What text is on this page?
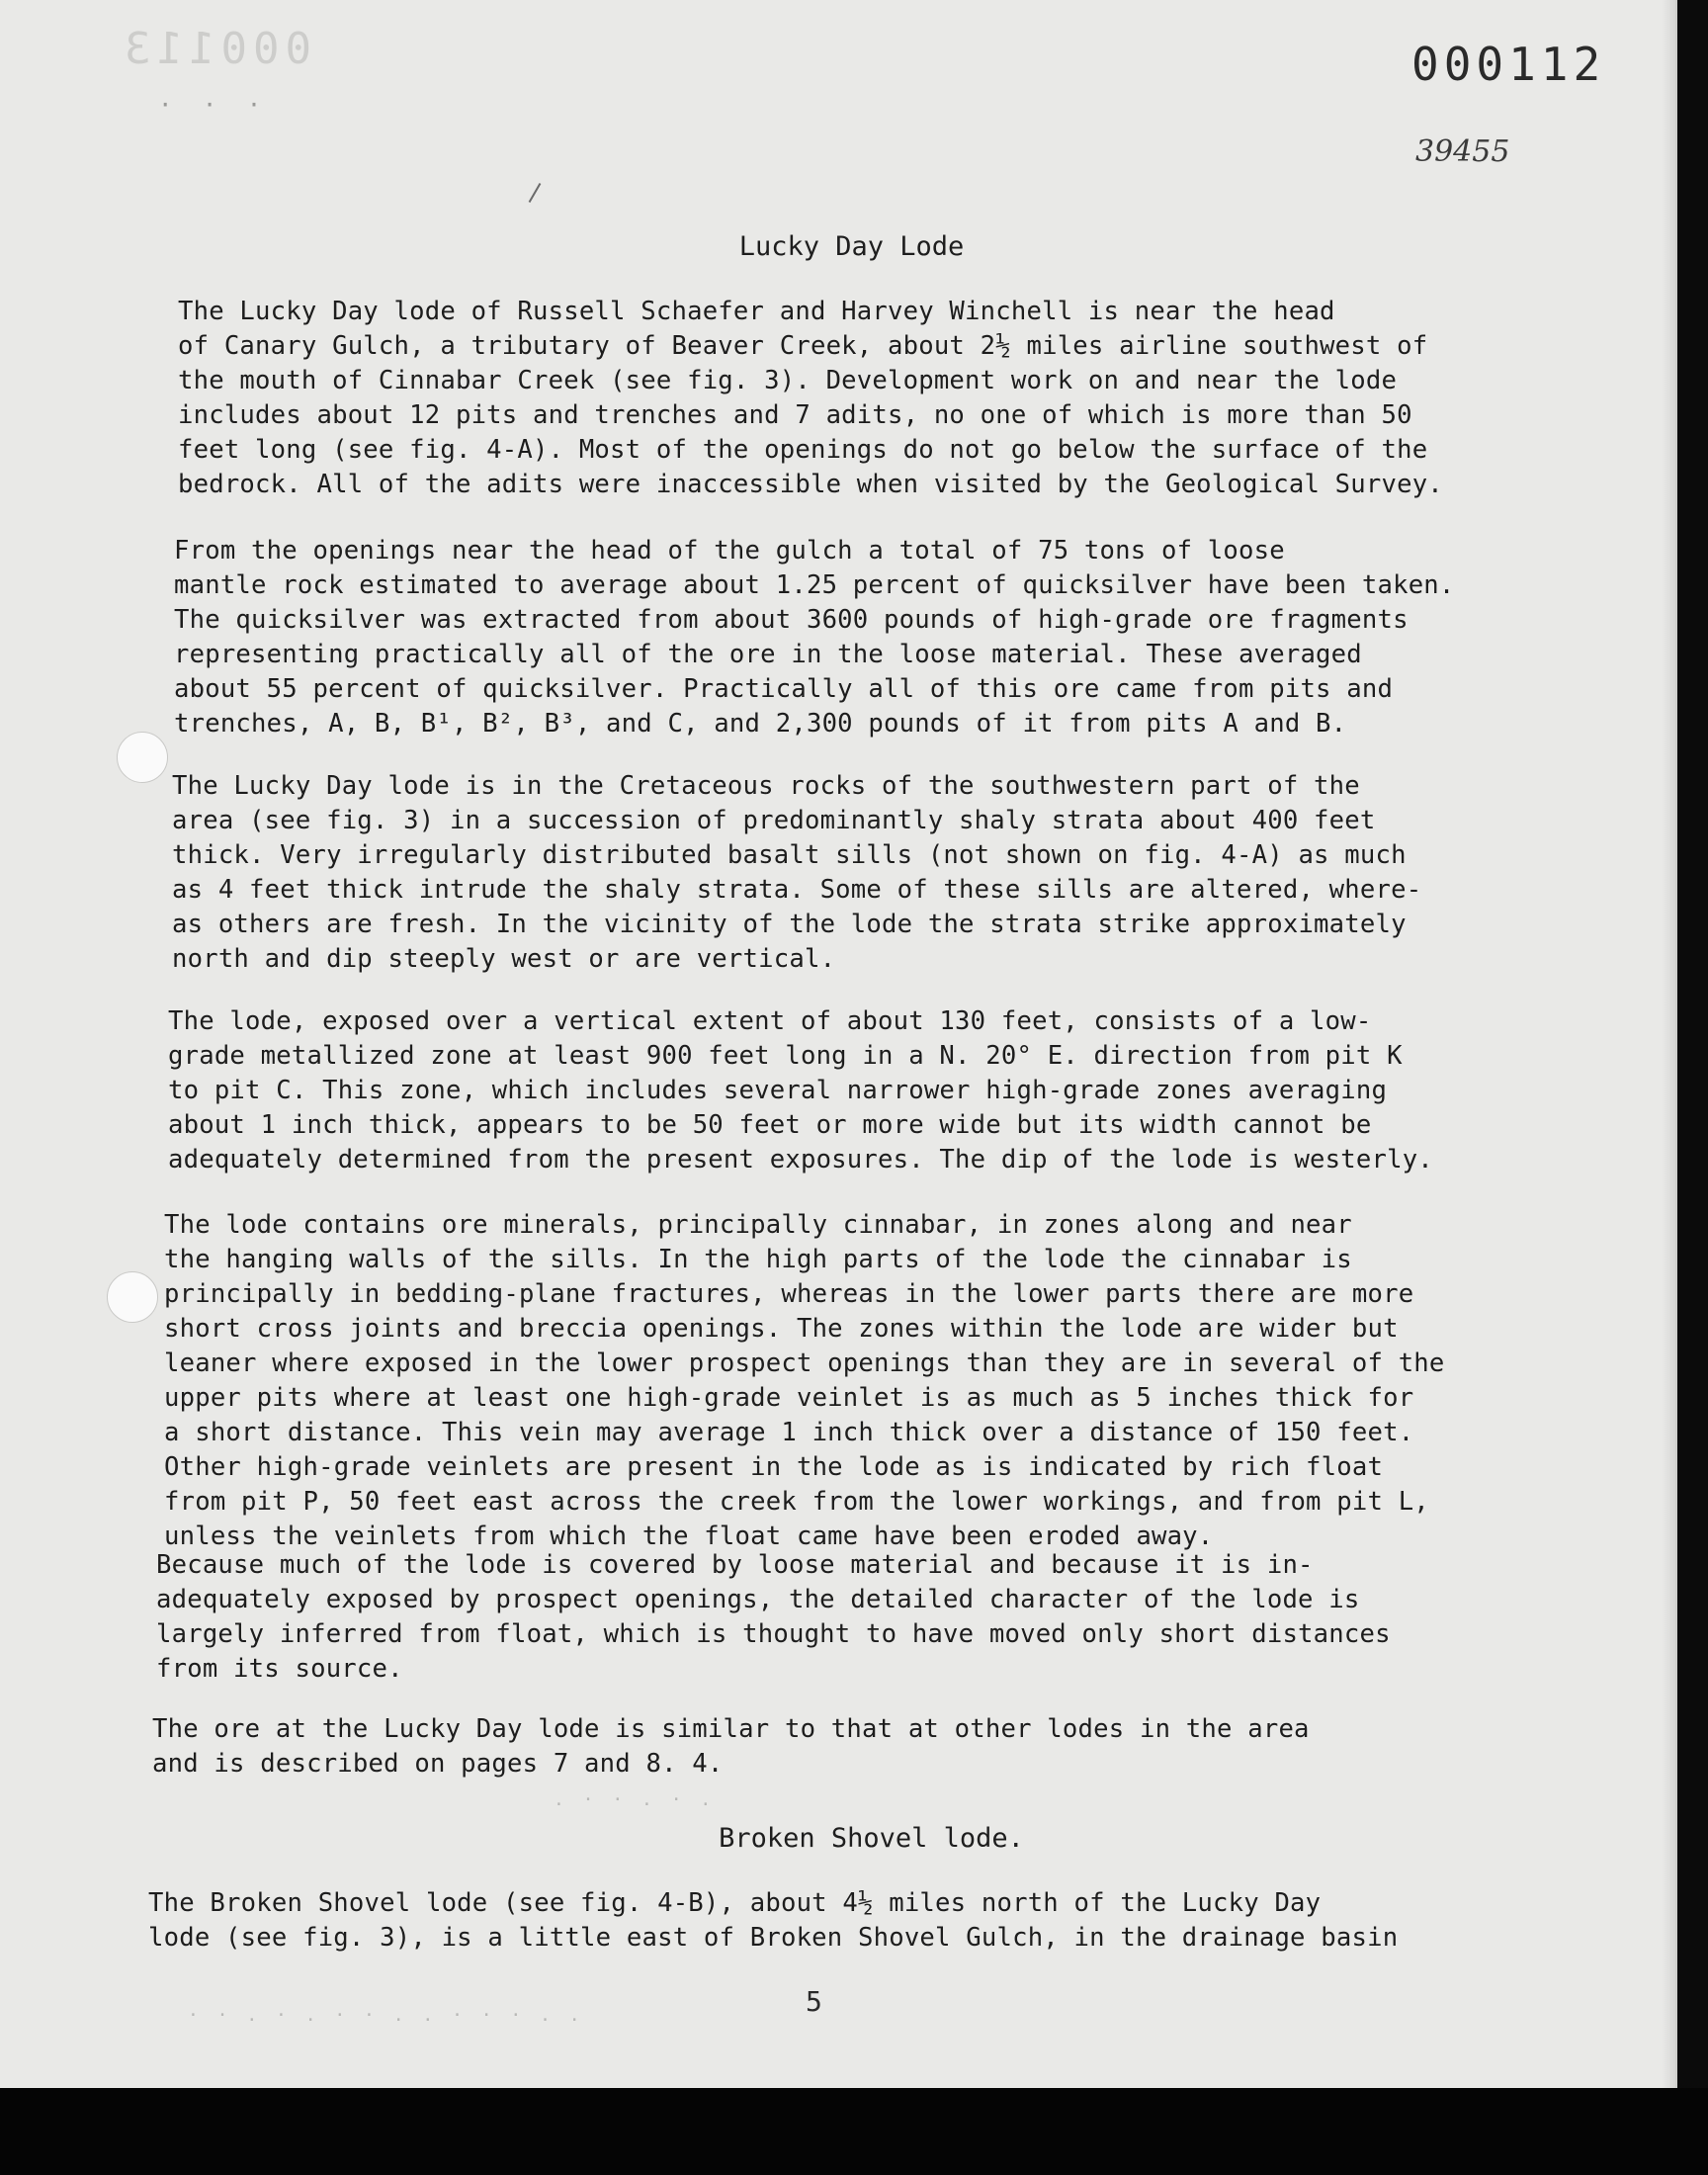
000113
· · ·
000112
39455
Lucky Day Lode

The Lucky Day lode of Russell Schaefer and Harvey Winchell is near the head
of Canary Gulch, a tributary of Beaver Creek, about 2½ miles airline southwest of
the mouth of Cinnabar Creek (see fig. 3). Development work on and near the lode
includes about 12 pits and trenches and 7 adits, no one of which is more than 50
feet long (see fig. 4-A). Most of the openings do not go below the surface of the
bedrock. All of the adits were inaccessible when visited by the Geological Survey.

From the openings near the head of the gulch a total of 75 tons of loose
mantle rock estimated to average about 1.25 percent of quicksilver have been taken.
The quicksilver was extracted from about 3600 pounds of high-grade ore fragments
representing practically all of the ore in the loose material. These averaged
about 55 percent of quicksilver. Practically all of this ore came from pits and
trenches, A, B, B¹, B², B³, and C, and 2,300 pounds of it from pits A and B.

The Lucky Day lode is in the Cretaceous rocks of the southwestern part of the
area (see fig. 3) in a succession of predominantly shaly strata about 400 feet
thick. Very irregularly distributed basalt sills (not shown on fig. 4-A) as much
as 4 feet thick intrude the shaly strata. Some of these sills are altered, where-
as others are fresh. In the vicinity of the lode the strata strike approximately
north and dip steeply west or are vertical.

The lode, exposed over a vertical extent of about 130 feet, consists of a low-
grade metallized zone at least 900 feet long in a N. 20° E. direction from pit K
to pit C. This zone, which includes several narrower high-grade zones averaging
about 1 inch thick, appears to be 50 feet or more wide but its width cannot be
adequately determined from the present exposures. The dip of the lode is westerly.

The lode contains ore minerals, principally cinnabar, in zones along and near
the hanging walls of the sills. In the high parts of the lode the cinnabar is
principally in bedding-plane fractures, whereas in the lower parts there are more
short cross joints and breccia openings. The zones within the lode are wider but
leaner where exposed in the lower prospect openings than they are in several of the
upper pits where at least one high-grade veinlet is as much as 5 inches thick for
a short distance. This vein may average 1 inch thick over a distance of 150 feet.
Other high-grade veinlets are present in the lode as is indicated by rich float
from pit P, 50 feet east across the creek from the lower workings, and from pit L,
unless the veinlets from which the float came have been eroded away.

Because much of the lode is covered by loose material and because it is in-
adequately exposed by prospect openings, the detailed character of the lode is
largely inferred from float, which is thought to have moved only short distances
from its source.

The ore at the Lucky Day lode is similar to that at other lodes in the area
and is described on pages 7 and 8. 4.

Broken Shovel lode.

The Broken Shovel lode (see fig. 4-B), about 4½ miles north of the Lucky Day
lode (see fig. 3), is a little east of Broken Shovel Gulch, in the drainage basin

5
· · . · . · · . . · · · . .
. · · . · .
